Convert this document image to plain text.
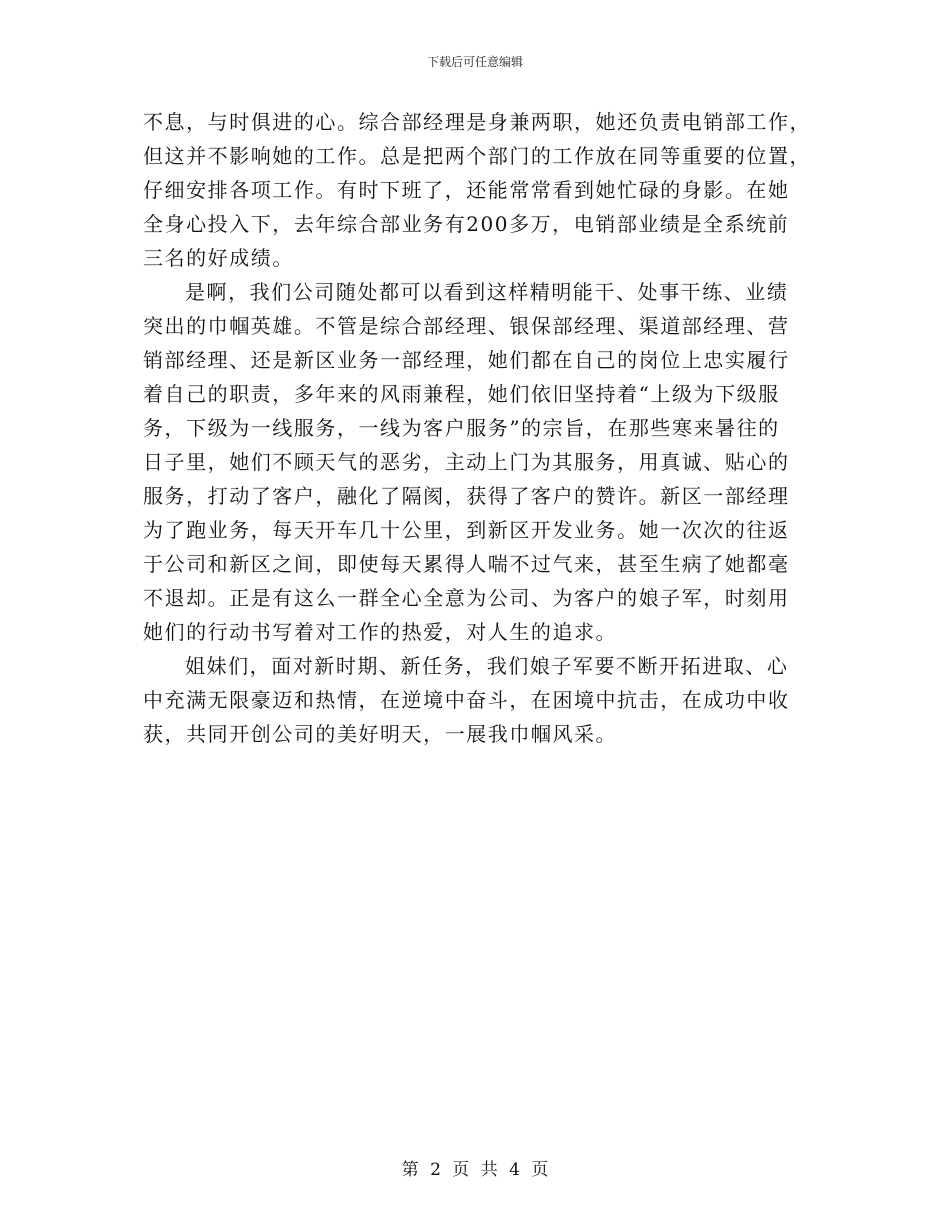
下载后可任意编辑
不息，与时俱进的心。综合部经理是身兼两职，她还负责电销部工作，
但这并不影响她的工作。总是把两个部门的工作放在同等重要的位置，
仔细安排各项工作。有时下班了，还能常常看到她忙碌的身影。在她
全身心投入下，去年综合部业务有200多万，电销部业绩是全系统前
三名的好成绩。
是啊，我们公司随处都可以看到这样精明能干、处事干练、业绩
突出的巾帼英雄。不管是综合部经理、银保部经理、渠道部经理、营
销部经理、还是新区业务一部经理，她们都在自己的岗位上忠实履行
着自己的职责，多年来的风雨兼程，她们依旧坚持着“上级为下级服
务，下级为一线服务，一线为客户服务”的宗旨，在那些寒来暑往的
日子里，她们不顾天气的恶劣，主动上门为其服务，用真诚、贴心的
服务，打动了客户，融化了隔阂，获得了客户的赞许。新区一部经理
为了跑业务，每天开车几十公里，到新区开发业务。她一次次的往返
于公司和新区之间，即使每天累得人喘不过气来，甚至生病了她都毫
不退却。正是有这么一群全心全意为公司、为客户的娘子军，时刻用
她们的行动书写着对工作的热爱，对人生的追求。
姐妹们，面对新时期、新任务，我们娘子军要不断开拓进取、心
中充满无限豪迈和热情，在逆境中奋斗，在困境中抗击，在成功中收
获，共同开创公司的美好明天，一展我巾帼风采。
第 2 页 共 4 页
